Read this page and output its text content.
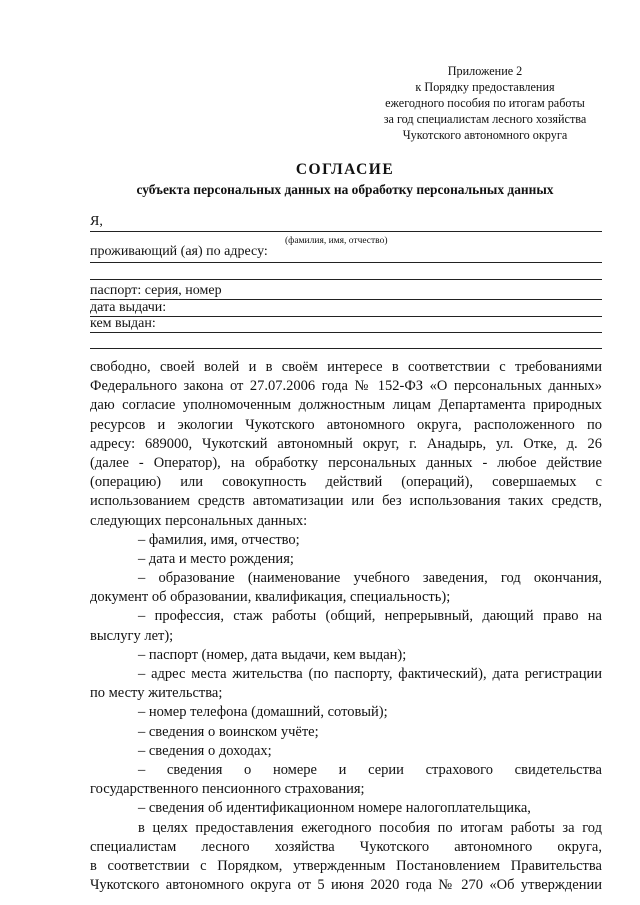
Приложение 2
к Порядку предоставления
ежегодного пособия по итогам работы
за год специалистам лесного хозяйства
Чукотского автономного округа
СОГЛАСИЕ
субъекта персональных данных на обработку персональных данных
Я,
(фамилия, имя, отчество)
проживающий (ая) по адресу:
паспорт: серия, номер
дата выдачи:
кем выдан:
свободно, своей волей и в своём интересе в соответствии с требованиями
Федерального закона от 27.07.2006 года № 152-ФЗ «О персональных данных»
даю согласие уполномоченным должностным лицам Департамента природных
ресурсов и экологии Чукотского автономного округа, расположенного по
адресу: 689000, Чукотский автономный округ, г. Анадырь, ул. Отке, д. 26
(далее - Оператор), на обработку персональных данных - любое действие
(операцию) или совокупность действий (операций), совершаемых с
использованием средств автоматизации или без использования таких средств,
следующих персональных данных:
– фамилия, имя, отчество;
– дата и место рождения;
– образование (наименование учебного заведения, год окончания,
документ об образовании, квалификация, специальность);
– профессия, стаж работы (общий, непрерывный, дающий право на
выслугу лет);
– паспорт (номер, дата выдачи, кем выдан);
– адрес места жительства (по паспорту, фактический), дата регистрации
по месту жительства;
– номер телефона (домашний, сотовый);
– сведения о воинском учёте;
– сведения о доходах;
– сведения о номере и серии страхового свидетельства
государственного пенсионного страхования;
– сведения об идентификационном номере налогоплательщика,
в целях предоставления ежегодного пособия по итогам работы за год
специалистам лесного хозяйства Чукотского автономного округа,
в соответствии с Порядком, утвержденным Постановлением Правительства
Чукотского автономного округа от 5 июня 2020 года № 270 «Об утверждении
